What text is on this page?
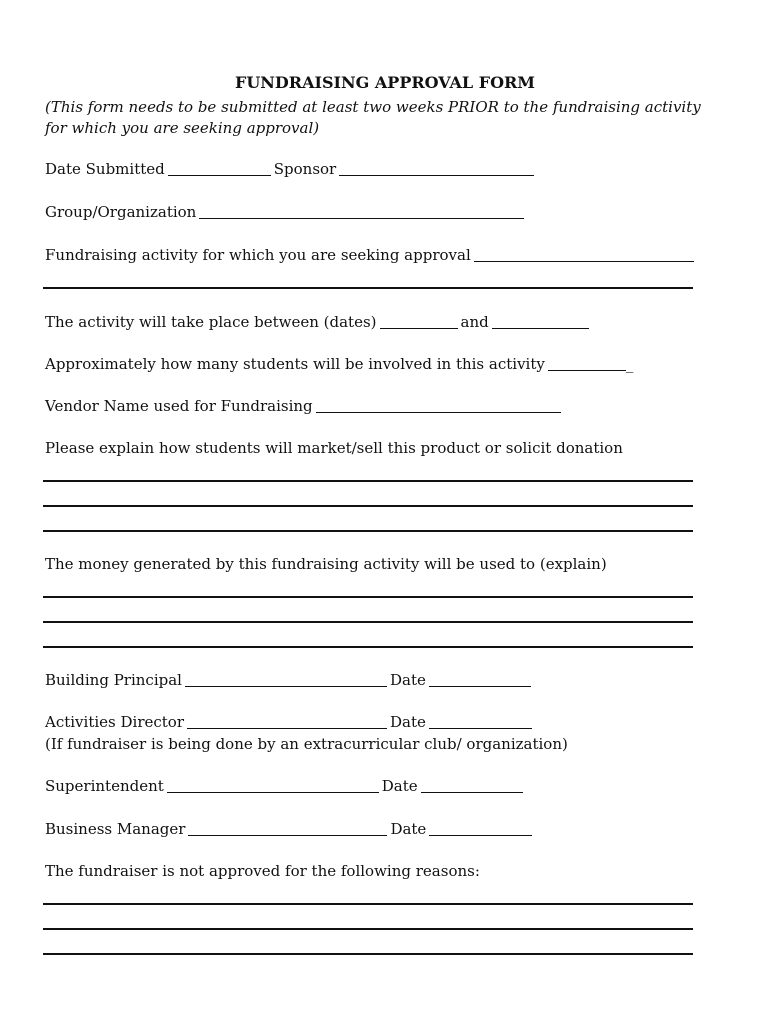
FUNDRAISING APPROVAL FORM
(This form needs to be submitted at least two weeks PRIOR to the fundraising activity for which you are seeking approval)
Date Submitted	Sponsor
Group/Organization
Fundraising activity for which you are seeking approval
The activity will take place between (dates)	and
Approximately how many students will be involved in this activity	_
Vendor Name used for Fundraising
Please explain how students will market/sell this product or solicit donation
The money generated by this fundraising activity will be used to (explain)
Building Principal	Date
Activities Director	Date
(If fundraiser is being done by an extracurricular club/ organization)
Superintendent	Date
Business Manager	Date
The fundraiser is not approved for the following reasons:
